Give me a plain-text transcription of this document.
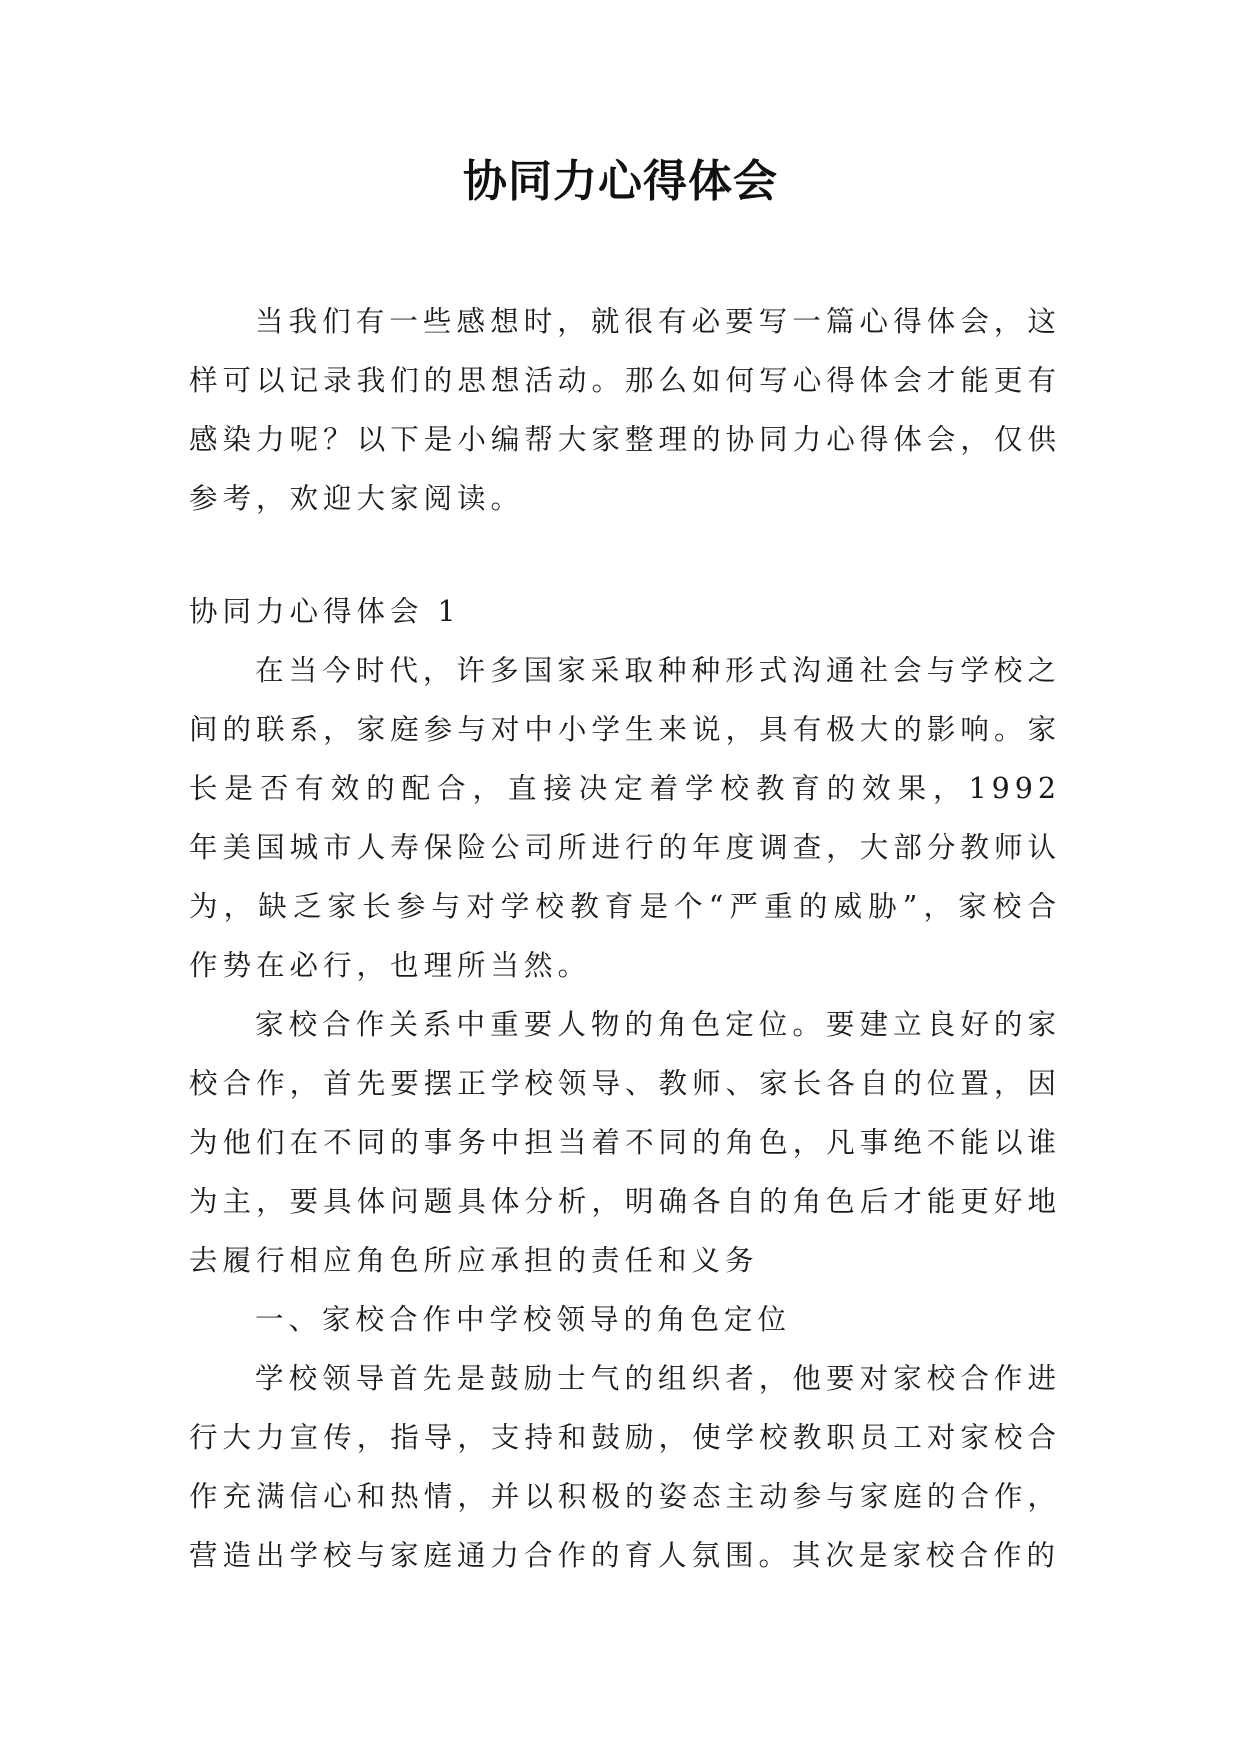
协同力心得体会

当我们有一些感想时，就很有必要写一篇心得体会，这样可以记录我们的思想活动。那么如何写心得体会才能更有感染力呢？以下是小编帮大家整理的协同力心得体会，仅供参考，欢迎大家阅读。

协同力心得体会 1

在当今时代，许多国家采取种种形式沟通社会与学校之间的联系，家庭参与对中小学生来说，具有极大的影响。家长是否有效的配合，直接决定着学校教育的效果，1992 年美国城市人寿保险公司所进行的年度调查，大部分教师认为，缺乏家长参与对学校教育是个“严重的威胁”，家校合作势在必行，也理所当然。

家校合作关系中重要人物的角色定位。要建立良好的家校合作，首先要摆正学校领导、教师、家长各自的位置，因为他们在不同的事务中担当着不同的角色，凡事绝不能以谁为主，要具体问题具体分析，明确各自的角色后才能更好地去履行相应角色所应承担的责任和义务

一、家校合作中学校领导的角色定位

学校领导首先是鼓励士气的组织者，他要对家校合作进行大力宣传，指导，支持和鼓励，使学校教职员工对家校合作充满信心和热情，并以积极的姿态主动参与家庭的合作，营造出学校与家庭通力合作的育人氛围。其次是家校合作的
